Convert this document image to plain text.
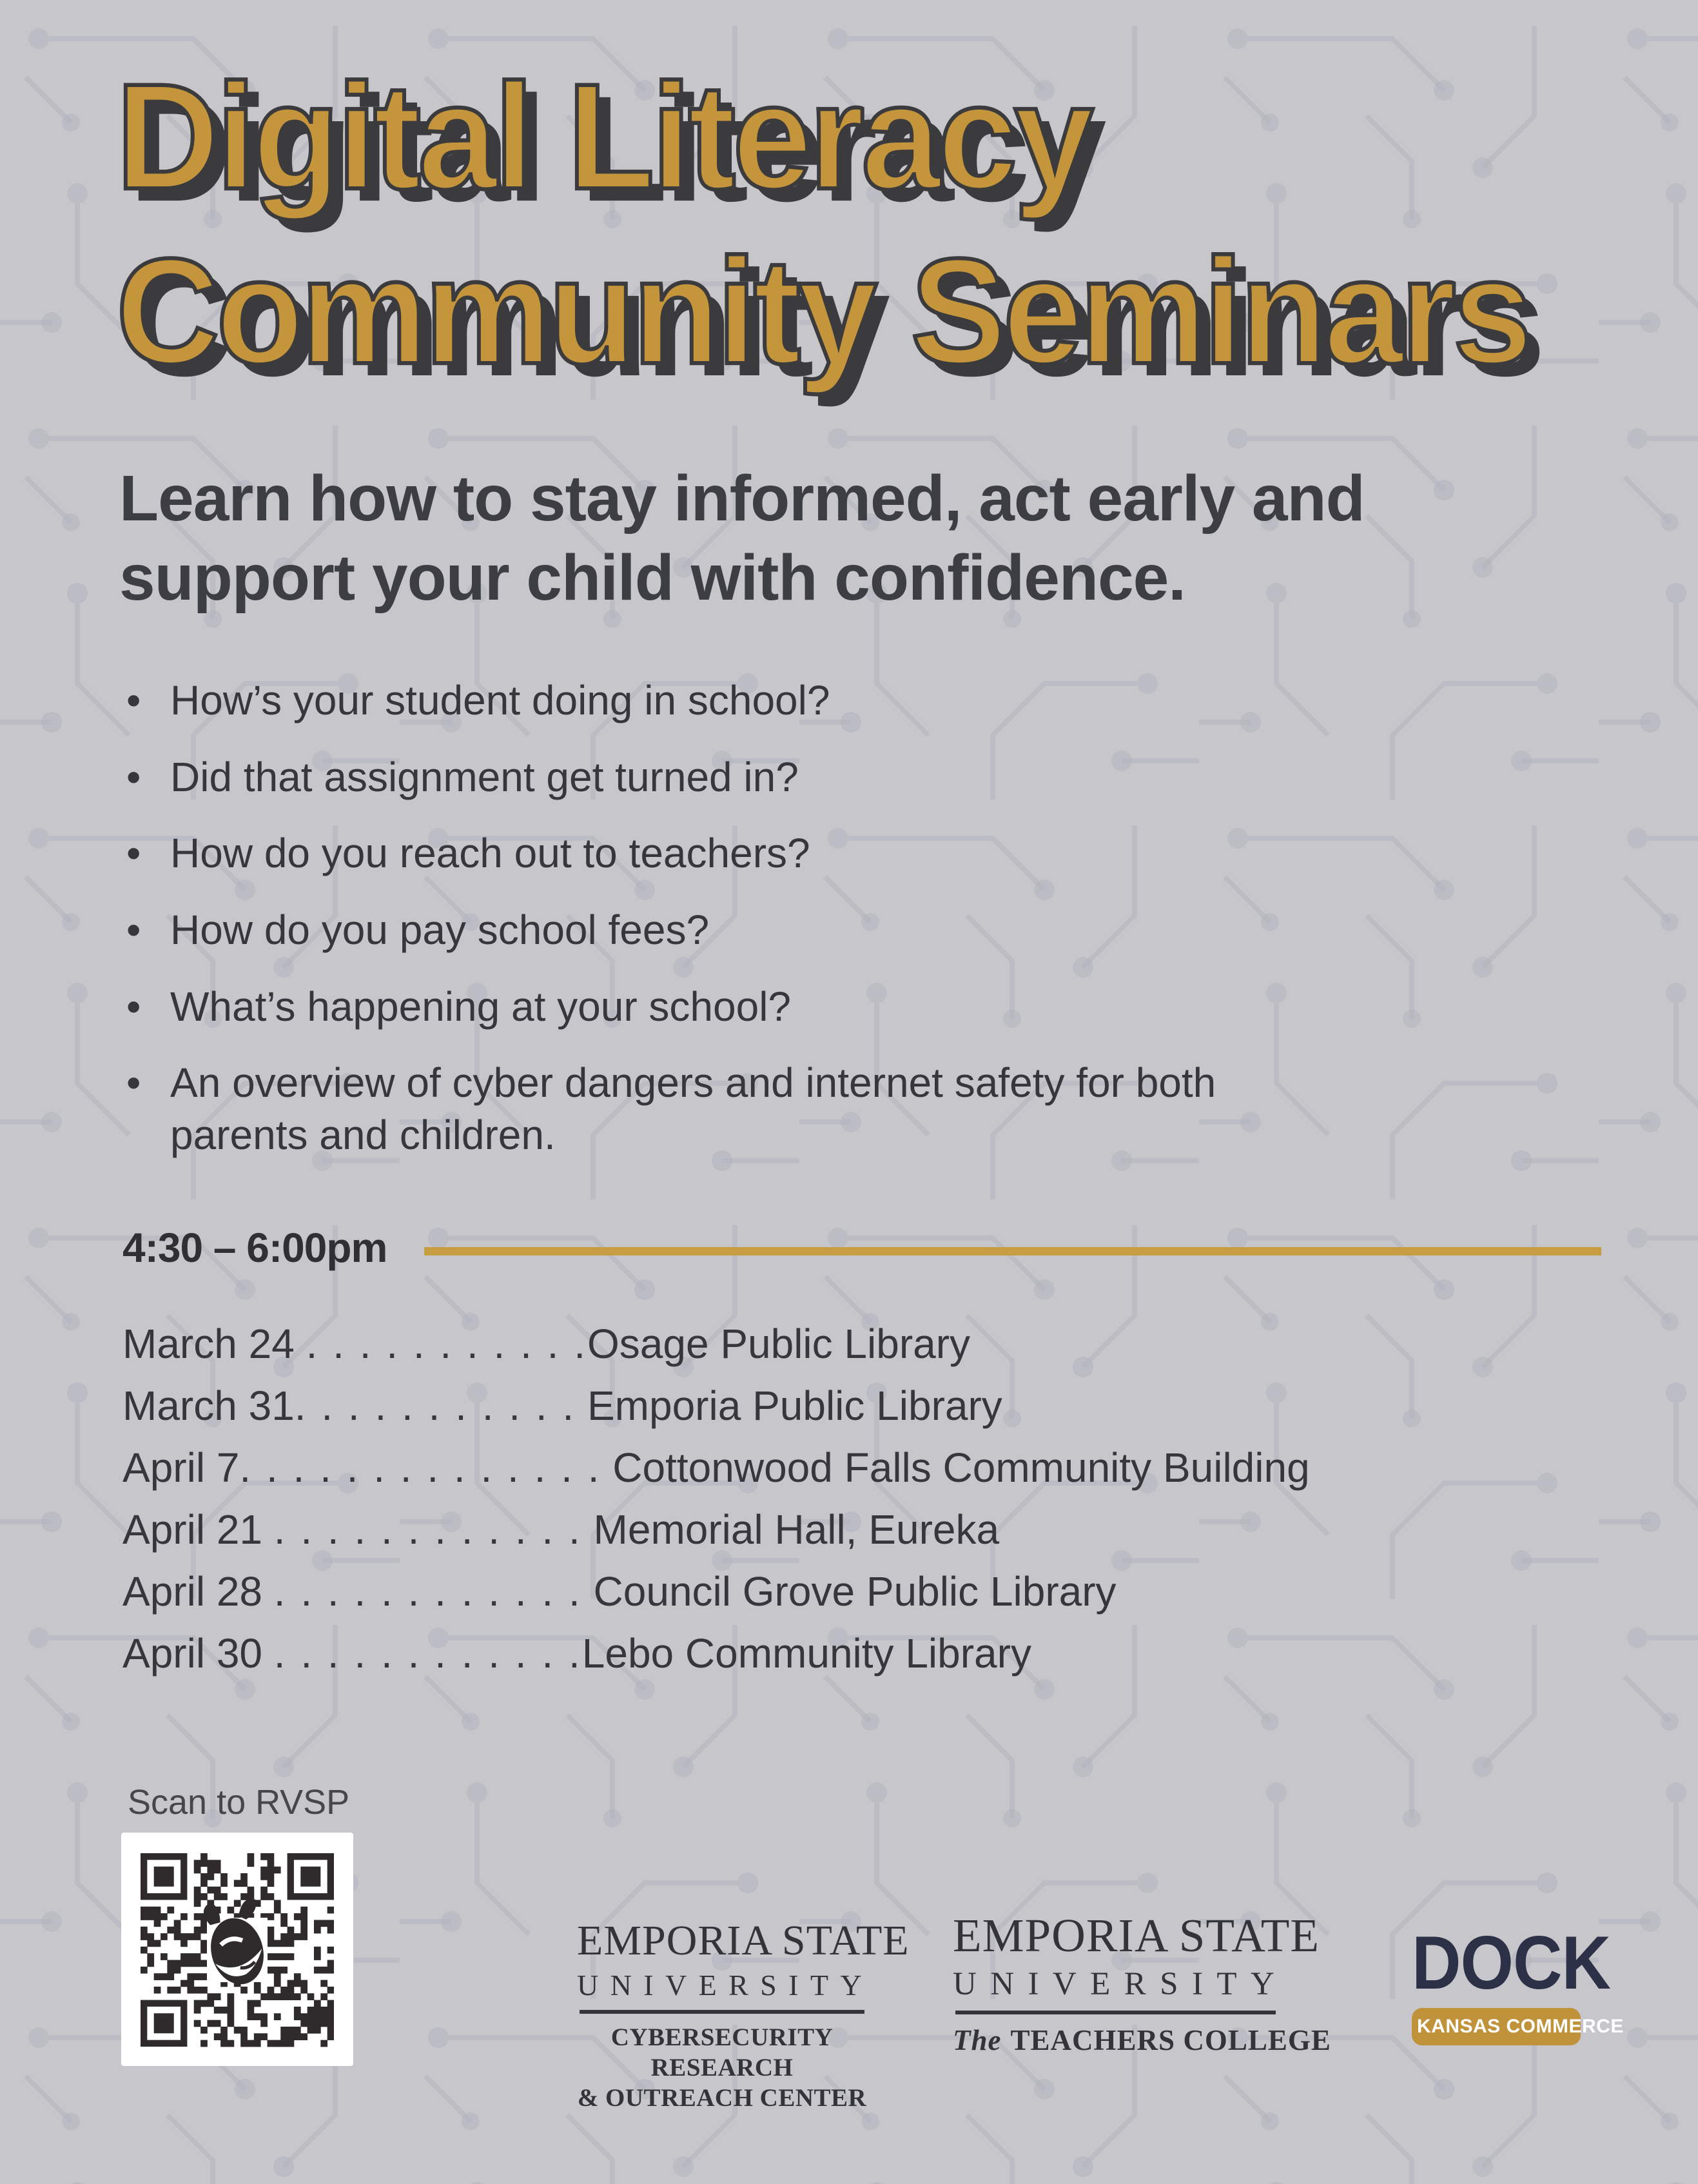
Digital Literacy
Community Seminars

Learn how to stay informed, act early and support your child with confidence.

• How’s your student doing in school?
• Did that assignment get turned in?
• How do you reach out to teachers?
• How do you pay school fees?
• What’s happening at your school?
• An overview of cyber dangers and internet safety for both parents and children.
4:30 – 6:00pm
March 24 . . . . . . . . . . .Osage Public Library
March 31. . . . . . . . . . . Emporia Public Library
April 7. . . . . . . . . . . . . . Cottonwood Falls Community Building
April 21 . . . . . . . . . . . . Memorial Hall, Eureka
April 28 . . . . . . . . . . . . Council Grove Public Library
April 30 . . . . . . . . . . . .Lebo Community Library
Scan to RVSP
EMPORIA STATE
UNIVERSITY
CYBERSECURITY RESEARCH
& OUTREACH CENTER
EMPORIA STATE
UNIVERSITY
The TEACHERS COLLEGE
DOCK
KANSAS COMMERCE
